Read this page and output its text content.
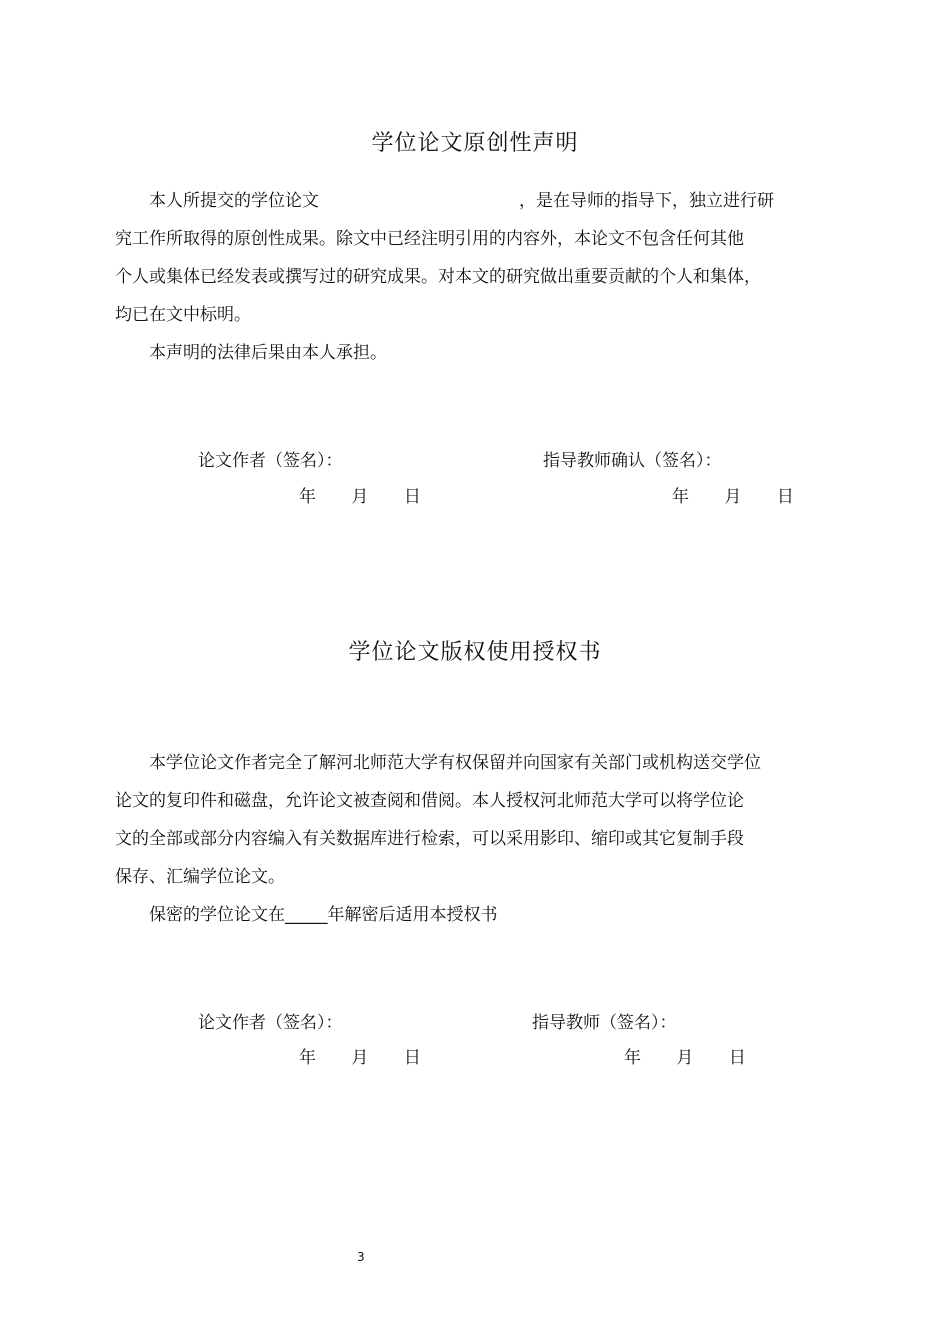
学位论文原创性声明
本人所提交的学位论文	，是在导师的指导下，独立进行研
究工作所取得的原创性成果。除文中已经注明引用的内容外，本论文不包含任何其他
个人或集体已经发表或撰写过的研究成果。对本文的研究做出重要贡献的个人和集体，
均已在文中标明。
本声明的法律后果由本人承担。
论文作者（签名）：	指导教师确认（签名）：
年 月 日	年 月 日
学位论文版权使用授权书
本学位论文作者完全了解河北师范大学有权保留并向国家有关部门或机构送交学位
论文的复印件和磁盘，允许论文被查阅和借阅。本人授权河北师范大学可以将学位论
文的全部或部分内容编入有关数据库进行检索，可以采用影印、缩印或其它复制手段
保存、汇编学位论文。
保密的学位论文在_____年解密后适用本授权书
论文作者（签名）：	指导教师（签名）：
年 月 日	年 月 日
3
